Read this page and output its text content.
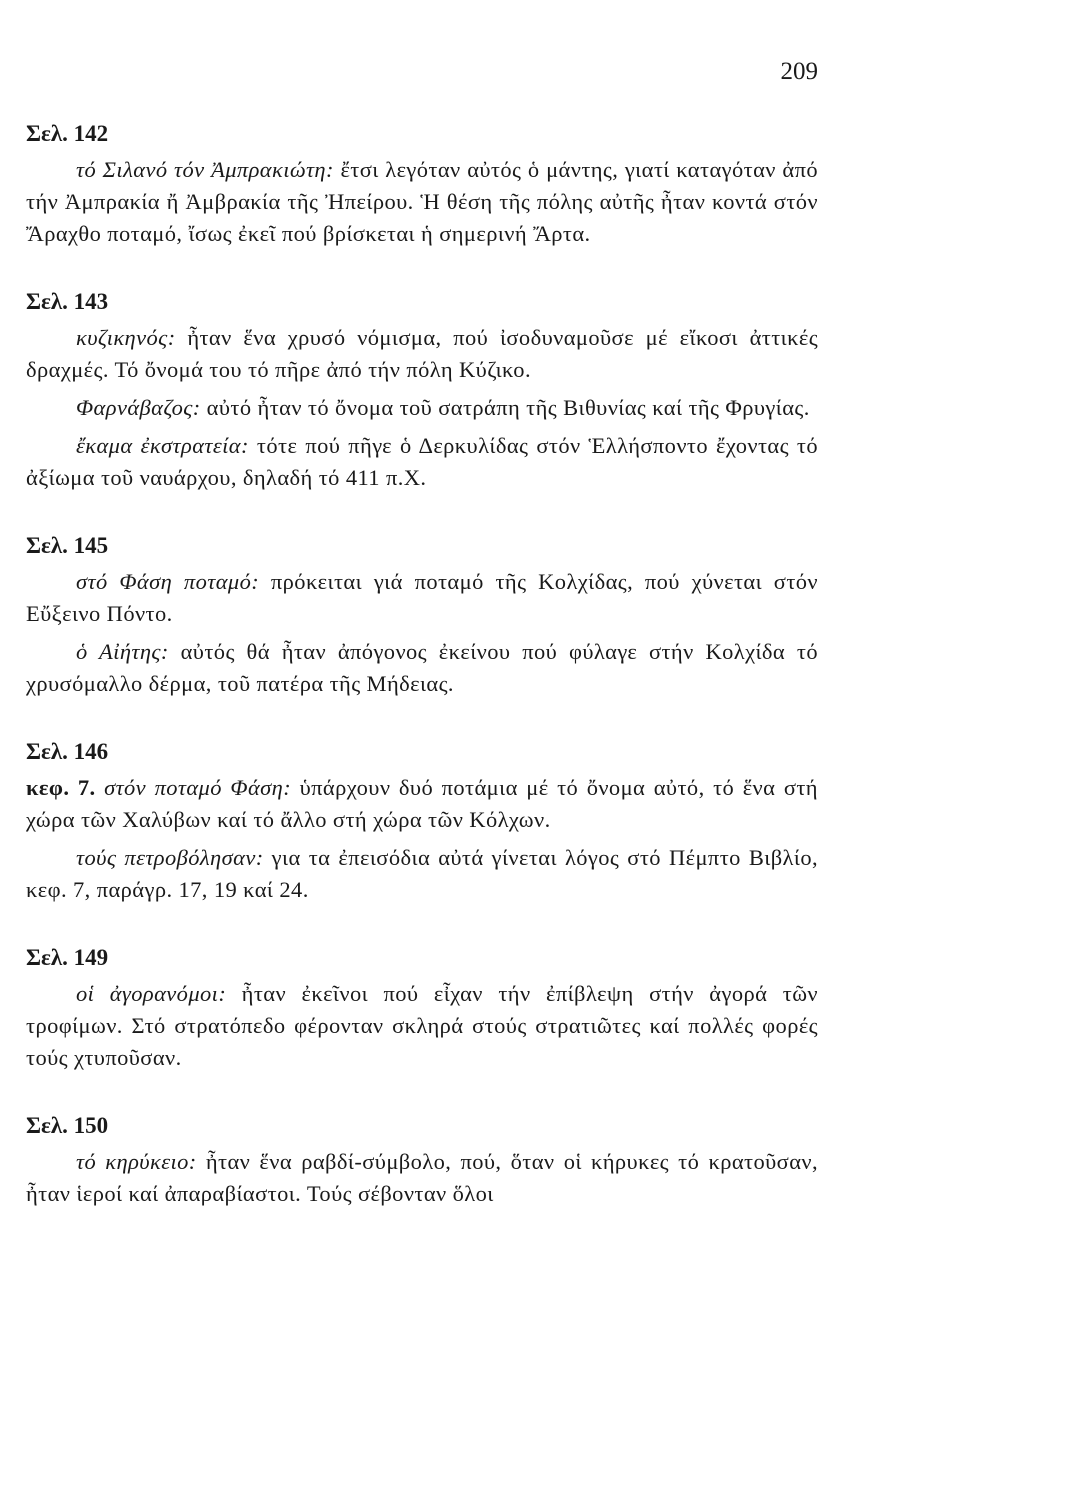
209
Σελ. 142

τό Σιλανό τόν Ἀμπρακιώτη: ἔτσι λεγόταν αὐτός ὁ μάντης, γιατί καταγόταν ἀπό τήν Ἀμπρακία ἤ Ἀμβρακία τῆς Ἠπείρου. Ἡ θέση τῆς πόλης αὐτῆς ἦταν κοντά στόν Ἄραχθο ποταμό, ἴσως ἐκεῖ πού βρίσκεται ἡ σημερινή Ἄρτα.

Σελ. 143

κυζικηνός: ἦταν ἕνα χρυσό νόμισμα, πού ἰσοδυναμοῦσε μέ εἴκοσι ἀττικές δραχμές. Τό ὄνομά του τό πῆρε ἀπό τήν πόλη Κύζικο.

Φαρνάβαζος: αὐτό ἦταν τό ὄνομα τοῦ σατράπη τῆς Βιθυνίας καί τῆς Φρυγίας.

ἔκαμα ἐκστρατεία: τότε πού πῆγε ὁ Δερκυλίδας στόν Ἑλλήσποντο ἔχοντας τό ἀξίωμα τοῦ ναυάρχου, δηλαδή τό 411 π.Χ.

Σελ. 145

στό Φάση ποταμό: πρόκειται γιά ποταμό τῆς Κολχίδας, πού χύνεται στόν Εὔξεινο Πόντο.

ὁ Αἰήτης: αὐτός θά ἦταν ἀπόγονος ἐκείνου πού φύλαγε στήν Κολχίδα τό χρυσόμαλλο δέρμα, τοῦ πατέρα τῆς Μήδειας.

Σελ. 146

κεφ. 7. στόν ποταμό Φάση: ὑπάρχουν δυό ποτάμια μέ τό ὄνομα αὐτό, τό ἕνα στή χώρα τῶν Χαλύβων καί τό ἄλλο στή χώρα τῶν Κόλχων.

τούς πετροβόλησαν: για τα ἐπεισόδια αὐτά γίνεται λόγος στό Πέμπτο Βιβλίο, κεφ. 7, παράγρ. 17, 19 καί 24.

Σελ. 149

οἱ ἀγορανόμοι: ἦταν ἐκεῖνοι πού εἶχαν τήν ἐπίβλεψη στήν ἀγορά τῶν τροφίμων. Στό στρατόπεδο φέρονταν σκληρά στούς στρατιῶτες καί πολλές φορές τούς χτυποῦσαν.

Σελ. 150

τό κηρύκειο: ἦταν ἕνα ραβδί-σύμβολο, πού, ὅταν οἱ κήρυκες τό κρατοῦσαν, ἦταν ἱεροί καί ἀπαραβίαστοι. Τούς σέβονταν ὅλοι
